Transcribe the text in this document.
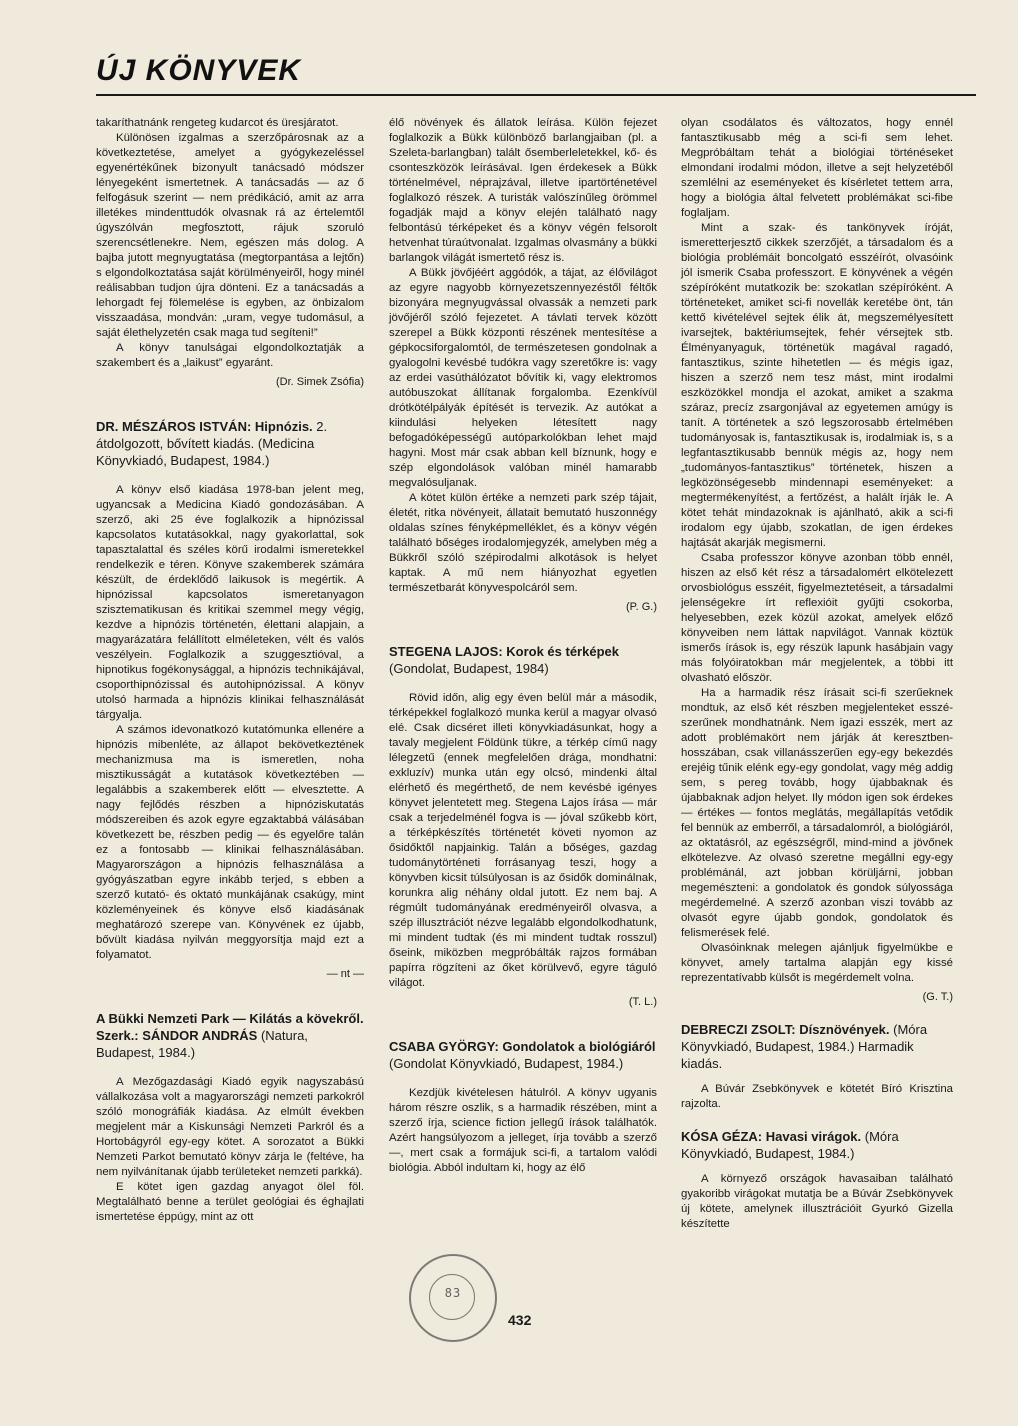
ÚJ KÖNYVEK

takaríthatnánk rengeteg kudarcot és üresjáratot.

Különösen izgalmas a szerzőpárosnak az a következtetése, amelyet a gyógykezeléssel egyenértékűnek bizonyult tanácsadó módszer lényegeként ismertetnek. A tanácsadás — az ő felfogásuk szerint — nem prédikáció, amit az arra illetékes mindenttudók olvasnak rá az értelemtől úgyszólván megfosztott, rájuk szoruló szerencsétlenekre. Nem, egészen más dolog. A bajba jutott megnyugtatása (megtorpantása a lejtőn) s elgondolkoztatása saját körülményeiről, hogy minél reálisabban tudjon újra dönteni. Ez a tanácsadás a lehorgadt fej fölemelése is egyben, az önbizalom visszaadása, mondván: „uram, vegye tudomásul, a saját élethelyzetén csak maga tud segíteni!”

A könyv tanulságai elgondolkoztatják a szakembert és a „laikust” egyaránt.

(Dr. Simek Zsófia)
DR. MÉSZÁROS ISTVÁN: Hipnózis. 2. átdolgozott, bővített kiadás. (Medicina Könyvkiadó, Budapest, 1984.)

A könyv első kiadása 1978-ban jelent meg, ugyancsak a Medicina Kiadó gondozásában. A szerző, aki 25 éve foglalkozik a hipnózissal kapcsolatos kutatásokkal, nagy gyakorlattal, sok tapasztalattal és széles körű irodalmi ismeretekkel rendelkezik e téren. Könyve szakemberek számára készült, de érdeklődő laikusok is megértik. A hipnózissal kapcsolatos ismeretanyagon szisztematikusan és kritikai szemmel megy végig, kezdve a hipnózis történetén, élettani alapjain, a magyarázatára felállított elméleteken, vélt és valós veszélyein. Foglalkozik a szuggesztióval, a hipnotikus fogékonysággal, a hipnózis technikájával, csoporthipnózissal és autohipnózissal. A könyv utolsó harmada a hipnózis klinikai felhasználását tárgyalja.

A számos idevonatkozó kutatómunka ellenére a hipnózis mibenléte, az állapot bekövetkeztének mechanizmusa ma is ismeretlen, noha misztikusságát a kutatások következtében — legalábbis a szakemberek előtt — elvesztette. A nagy fejlődés részben a hipnóziskutatás módszereiben és azok egyre egzaktabbá válásában következett be, részben pedig — és egyelőre talán ez a fontosabb — klinikai felhasználásában. Magyarországon a hipnózis felhasználása a gyógyászatban egyre inkább terjed, s ebben a szerző kutató- és oktató munkájának csakúgy, mint közleményeinek és könyve első kiadásának meghatározó szerepe van. Könyvének ez újabb, bővült kiadása nyilván meggyorsítja majd ezt a folyamatot.

— nt —
A Bükki Nemzeti Park — Kilátás a kövekről. Szerk.: SÁNDOR ANDRÁS (Natura, Budapest, 1984.)

A Mezőgazdasági Kiadó egyik nagyszabású vállalkozása volt a magyarországi nemzeti parkokról szóló monográfiák kiadása. Az elmúlt években megjelent már a Kiskunsági Nemzeti Parkról és a Hortobágyról egy-egy kötet. A sorozatot a Bükki Nemzeti Parkot bemutató könyv zárja le (feltéve, ha nem nyilvánítanak újabb területeket nemzeti parkká).

E kötet igen gazdag anyagot ölel föl. Megtalálható benne a terület geológiai és éghajlati ismertetése éppúgy, mint az ott

élő növények és állatok leírása. Külön fejezet foglalkozik a Bükk különböző barlangjaiban (pl. a Szeleta-barlangban) talált ősemberleletekkel, kő- és csonteszközök leírásával. Igen érdekesek a Bükk történelmével, néprajzával, illetve ipartörténetével foglalkozó részek. A turisták valószínűleg örömmel fogadják majd a könyv elején található nagy felbontású térképeket és a könyv végén felsorolt hetvenhat túraútvonalat. Izgalmas olvasmány a bükki barlangok világát ismertető rész is.

A Bükk jövőjéért aggódók, a tájat, az élővilágot az egyre nagyobb környezetszennyezéstől féltők bizonyára megnyugvással olvassák a nemzeti park jövőjéről szóló fejezetet. A távlati tervek között szerepel a Bükk központi részének mentesítése a gépkocsiforgalomtól, de természetesen gondolnak a gyalogolni kevésbé tudókra vagy szeretőkre is: vagy az erdei vasúthálózatot bővítik ki, vagy elektromos autóbuszokat állítanak forgalomba. Ezenkívül drótkötélpályák építését is tervezik. Az autókat a kiindulási helyeken létesített nagy befogadóképességű autóparkolókban lehet majd hagyni. Most már csak abban kell bíznunk, hogy e szép elgondolások valóban minél hamarabb megvalósuljanak.

A kötet külön értéke a nemzeti park szép tájait, életét, ritka növényeit, állatait bemutató huszonnégy oldalas színes fényképmelléklet, és a könyv végén található bőséges irodalomjegyzék, amelyben még a Bükkről szóló szépirodalmi alkotások is helyet kaptak. A mű nem hiányozhat egyetlen természetbarát könyvespolcáról sem.

(P. G.)
STEGENA LAJOS: Korok és térképek (Gondolat, Budapest, 1984)

Rövid időn, alig egy éven belül már a második, térképekkel foglalkozó munka kerül a magyar olvasó elé. Csak dicséret illeti könyvkiadásunkat, hogy a tavaly megjelent Földünk tükre, a térkép című nagy lélegzetű (ennek megfelelően drága, mondhatni: exkluzív) munka után egy olcsó, mindenki által elérhető és megérthető, de nem kevésbé igényes könyvet jelentetett meg. Stegena Lajos írása — már csak a terjedelménél fogva is — jóval szűkebb kört, a térképkészítés történetét követi nyomon az ősidőktől napjainkig. Talán a bőséges, gazdag tudománytörténeti forrásanyag teszi, hogy a könyvben kicsit túlsúlyosan is az ősidők dominálnak, korunkra alig néhány oldal jutott. Ez nem baj. A régmúlt tudományának eredményeiről olvasva, a szép illusztrációt nézve legalább elgondolkodhatunk, mi mindent tudtak (és mi mindent tudtak rosszul) őseink, miközben megpróbálták rajzos formában papírra rögzíteni az őket körülvevő, egyre táguló világot.

(T. L.)
CSABA GYÖRGY: Gondolatok a biológiáról (Gondolat Könyvkiadó, Budapest, 1984.)

Kezdjük kivételesen hátulról. A könyv ugyanis három részre oszlik, s a harmadik részében, mint a szerző írja, science fiction jellegű írások találhatók. Azért hangsúlyozom a jelleget, írja tovább a szerző —, mert csak a formájuk sci-fi, a tartalom valódi biológia. Abból indultam ki, hogy az élő

olyan csodálatos és változatos, hogy ennél fantasztikusabb még a sci-fi sem lehet. Megpróbáltam tehát a biológiai történéseket elmondani irodalmi módon, illetve a sejt helyzetéből szemlélni az eseményeket és kísérletet tettem arra, hogy a biológia által felvetett problémákat sci-fibe foglaljam.

Mint a szak- és tankönyvek íróját, ismeretterjesztő cikkek szerzőjét, a társadalom és a biológia problémáit boncolgató esszéírót, olvasóink jól ismerik Csaba professzort. E könyvének a végén szépíróként mutatkozik be: szokatlan szépíróként. A történeteket, amiket sci-fi novellák keretébe önt, tán kettő kivételével sejtek élik át, megszemélyesített ivarsejtek, baktériumsejtek, fehér vérsejtek stb. Élményanyaguk, történetük magával ragadó, fantasztikus, szinte hihetetlen — és mégis igaz, hiszen a szerző nem tesz mást, mint irodalmi eszközökkel mondja el azokat, amiket a szakma száraz, precíz zsargonjával az egyetemen amúgy is tanít. A történetek a szó legszorosabb értelmében tudományosak is, fantasztikusak is, irodalmiak is, s a legfantasztikusabb bennük mégis az, hogy nem „tudományos-fantasztikus” történetek, hiszen a legközönségesebb mindennapi eseményeket: a megtermékenyítést, a fertőzést, a halált írják le. A kötet tehát mindazoknak is ajánlható, akik a sci-fi irodalom egy újabb, szokatlan, de igen érdekes hajtását akarják megismerni.

Csaba professzor könyve azonban több ennél, hiszen az első két rész a társadalomért elkötelezett orvosbiológus esszéit, figyelmeztetéseit, a társadalmi jelenségekre írt reflexióit gyűjti csokorba, helyesebben, ezek közül azokat, amelyek előző könyveiben nem láttak napvilágot. Vannak köztük ismerős írások is, egy részük lapunk hasábjain vagy más folyóiratokban már megjelentek, a többi itt olvasható először.

Ha a harmadik rész írásait sci-fi szerűeknek mondtuk, az első két részben megjelenteket esszé-szerűnek mondhatnánk. Nem igazi esszék, mert az adott problémakört nem járják át keresztben-hosszában, csak villanásszerűen egy-egy bekezdés erejéig tűnik elénk egy-egy gondolat, vagy még addig sem, s pereg tovább, hogy újabbaknak és újabbaknak adjon helyet. Ily módon igen sok érdekes — értékes — fontos meglátás, megállapítás vetődik fel bennük az emberről, a társadalomról, a biológiáról, az oktatásról, az egészségről, mind-mind a jövőnek elkötelezve. Az olvasó szeretne megállni egy-egy problémánál, azt jobban körüljárni, jobban megemészteni: a gondolatok és gondok súlyossága megérdemelné. A szerző azonban viszi tovább az olvasót egyre újabb gondok, gondolatok és felismerések felé.

Olvasóinknak melegen ajánljuk figyelmükbe e könyvet, amely tartalma alapján egy kissé reprezentatívabb külsőt is megérdemelt volna.

(G. T.)
DEBRECZI ZSOLT: Dísznövények. (Móra Könyvkiadó, Budapest, 1984.) Harmadik kiadás.

A Búvár Zsebkönyvek e kötetét Bíró Krisztina rajzolta.

KÓSA GÉZA: Havasi virágok. (Móra Könyvkiadó, Budapest, 1984.)

A környező országok havasaiban található gyakoribb virágokat mutatja be a Búvár Zsebkönyvek új kötete, amelynek illusztrációit Gyurkó Gizella készítette

83
432
